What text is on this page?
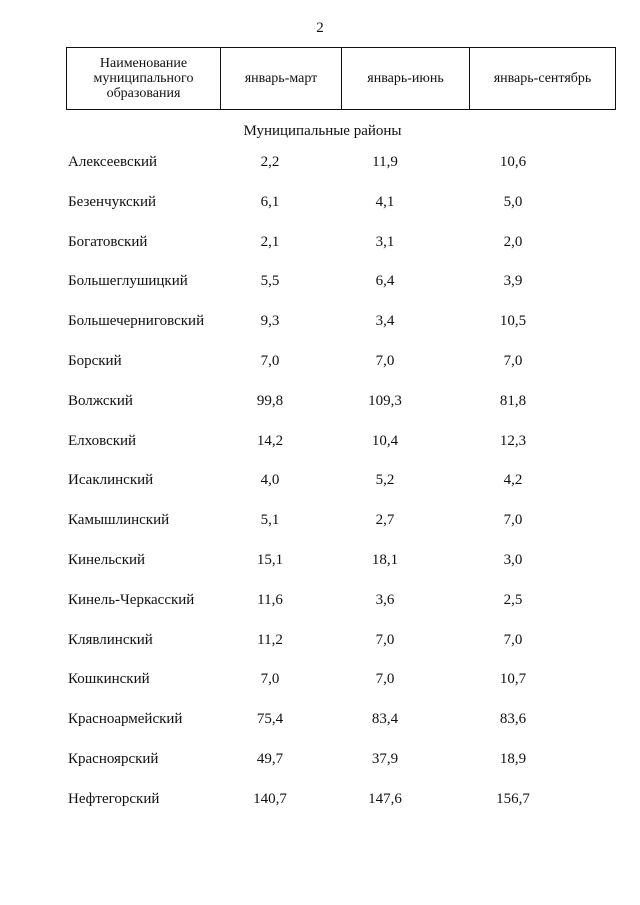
2
Наименование муниципального образования	январь-март	январь-июнь	январь-сентябрь
Муниципальные районы
Алексеевский	2,2	11,9	10,6
Безенчукский	6,1	4,1	5,0
Богатовский	2,1	3,1	2,0
Большеглушицкий	5,5	6,4	3,9
Большечерниговский	9,3	3,4	10,5
Борский	7,0	7,0	7,0
Волжский	99,8	109,3	81,8
Елховский	14,2	10,4	12,3
Исаклинский	4,0	5,2	4,2
Камышлинский	5,1	2,7	7,0
Кинельский	15,1	18,1	3,0
Кинель-Черкасский	11,6	3,6	2,5
Клявлинский	11,2	7,0	7,0
Кошкинский	7,0	7,0	10,7
Красноармейский	75,4	83,4	83,6
Красноярский	49,7	37,9	18,9
Нефтегорский	140,7	147,6	156,7
